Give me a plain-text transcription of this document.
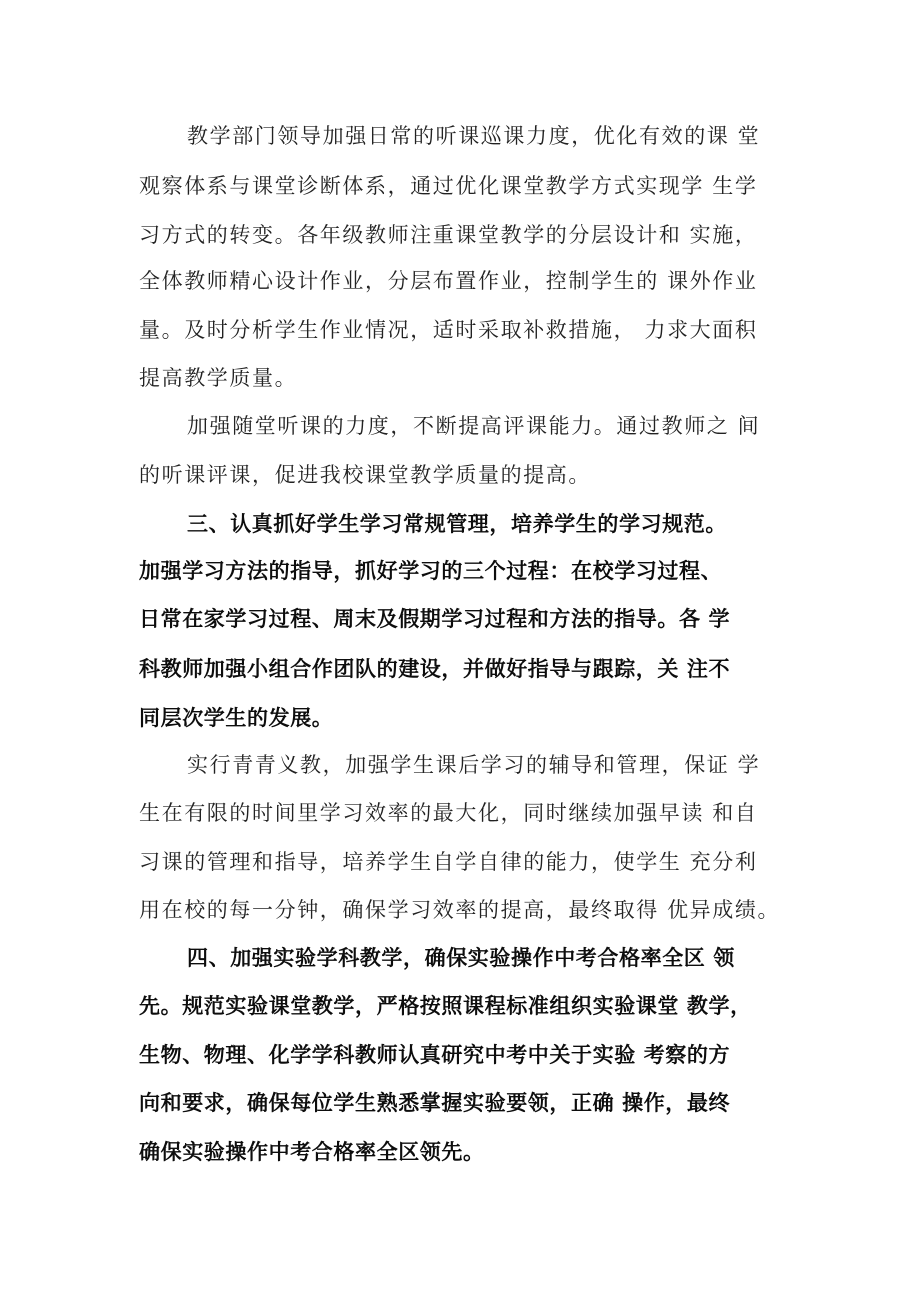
教学部门领导加强日常的听课巡课力度，优化有效的课 堂

观察体系与课堂诊断体系，通过优化课堂教学方式实现学 生学

习方式的转变。各年级教师注重课堂教学的分层设计和 实施，

全体教师精心设计作业，分层布置作业，控制学生的 课外作业

量。及时分析学生作业情况，适时采取补救措施， 力求大面积

提高教学质量。

加强随堂听课的力度，不断提高评课能力。通过教师之 间

的听课评课，促进我校课堂教学质量的提高。

三、认真抓好学生学习常规管理，培养学生的学习规范。

加强学习方法的指导，抓好学习的三个过程：在校学习过程、

日常在家学习过程、周末及假期学习过程和方法的指导。各 学

科教师加强小组合作团队的建设，并做好指导与跟踪，关 注不

同层次学生的发展。

实行青青义教，加强学生课后学习的辅导和管理，保证 学

生在有限的时间里学习效率的最大化，同时继续加强早读 和自

习课的管理和指导，培养学生自学自律的能力，使学生 充分利

用在校的每一分钟，确保学习效率的提高，最终取得 优异成绩。

四、加强实验学科教学，确保实验操作中考合格率全区 领

先。规范实验课堂教学，严格按照课程标准组织实验课堂 教学，

生物、物理、化学学科教师认真研究中考中关于实验 考察的方

向和要求，确保每位学生熟悉掌握实验要领，正确 操作，最终

确保实验操作中考合格率全区领先。
